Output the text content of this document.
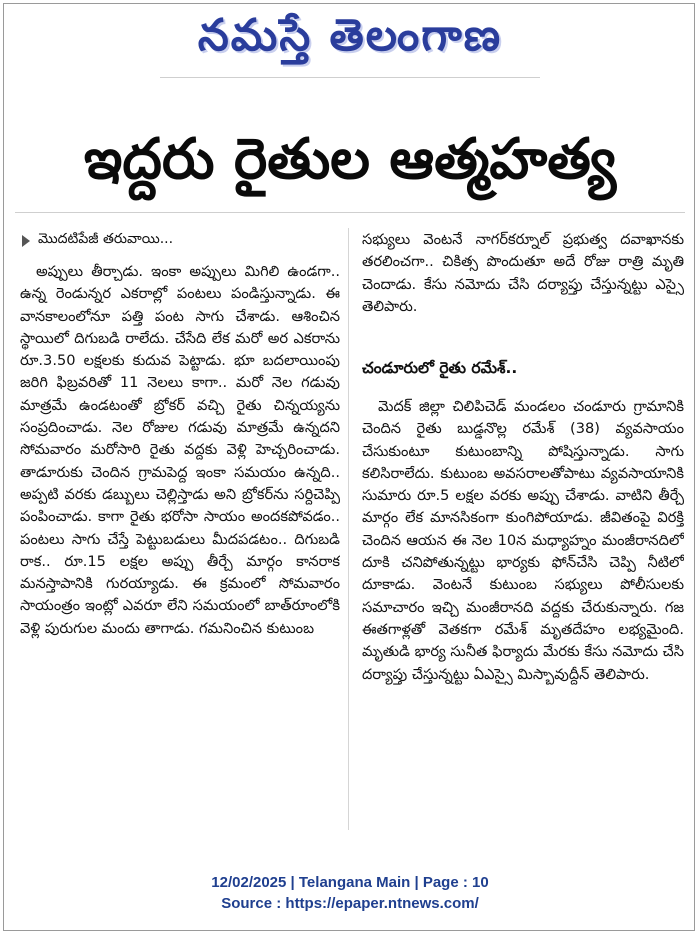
నమస్తే తెలంగాణ
ఇద్దరు రైతుల ఆత్మహత్య
మొదటిపేజీ తరువాయి...

అప్పులు తీర్చాడు. ఇంకా అప్పులు మిగిలి ఉండగా.. ఉన్న రెండున్నర ఎకరాల్లో పంటలు పండిస్తున్నాడు. ఈ వానకాలంలోనూ పత్తి పంట సాగు చేశాడు. ఆశించిన స్థాయిలో దిగుబడి రాలేదు. చేసేది లేక మరో అర ఎకరాను రూ.3.50 లక్షలకు కుదువ పెట్టాడు. భూ బదలాయింపు జరిగి ఫిబ్రవరితో 11 నెలలు కాగా.. మరో నెల గడువు మాత్రమే ఉండటంతో బ్రోకర్ వచ్చి రైతు చిన్నయ్యను సంప్రదించాడు. నెల రోజుల గడువు మాత్రమే ఉన్నదని సోమవారం మరోసారి రైతు వద్దకు వెళ్లి హెచ్చరించాడు. తాడూరుకు చెందిన గ్రామపెద్ద ఇంకా సమయం ఉన్నది.. అప్పటి వరకు డబ్బులు చెల్లిస్తాడు అని బ్రోకర్‌ను సర్దిచెప్పి పంపించాడు. కాగా రైతు భరోసా సాయం అందకపోవడం.. పంటలు సాగు చేస్తే పెట్టుబడులు మీదపడటం.. దిగుబడి రాక.. రూ.15 లక్షల అప్పు తీర్చే మార్గం కానరాక మనస్తాపానికి గురయ్యాడు. ఈ క్రమంలో సోమవారం సాయంత్రం ఇంట్లో ఎవరూ లేని సమయంలో బాత్‌రూంలోకి వెళ్లి పురుగుల మందు తాగాడు. గమనించిన కుటుంబ

సభ్యులు వెంటనే నాగర్‌కర్నూల్ ప్రభుత్వ దవాఖానకు తరలించగా.. చికిత్స పొందుతూ అదే రోజు రాత్రి మృతి చెందాడు. కేసు నమోదు చేసి దర్యాప్తు చేస్తున్నట్టు ఎస్సై తెలిపారు.

చండూరులో రైతు రమేశ్..

మెదక్ జిల్లా చిలిపిచెడ్ మండలం చండూరు గ్రామానికి చెందిన రైతు బుడ్డనొల్ల రమేశ్ (38) వ్యవసాయం చేసుకుంటూ కుటుంబాన్ని పోషిస్తున్నాడు. సాగు కలిసిరాలేదు. కుటుంబ అవసరాలతోపాటు వ్యవసాయానికి సుమారు రూ.5 లక్షల వరకు అప్పు చేశాడు. వాటిని తీర్చే మార్గం లేక మానసికంగా కుంగిపోయాడు. జీవితంపై విరక్తి చెందిన ఆయన ఈ నెల 10న మధ్యాహ్నం మంజీరానదిలో దూకి చనిపోతున్నట్టు భార్యకు ఫోన్‌చేసి చెప్పి నీటిలో దూకాడు. వెంటనే కుటుంబ సభ్యులు పోలీసులకు సమాచారం ఇచ్చి మంజీరానది వద్దకు చేరుకున్నారు. గజ ఈతగాళ్లతో వెతకగా రమేశ్ మృతదేహం లభ్యమైంది. మృతుడి భార్య సునీత ఫిర్యాదు మేరకు కేసు నమోదు చేసి దర్యాప్తు చేస్తున్నట్టు ఏఎస్సై మిస్బావుద్దీన్ తెలిపారు.

12/02/2025 | Telangana Main | Page : 10
Source : https://epaper.ntnews.com/
